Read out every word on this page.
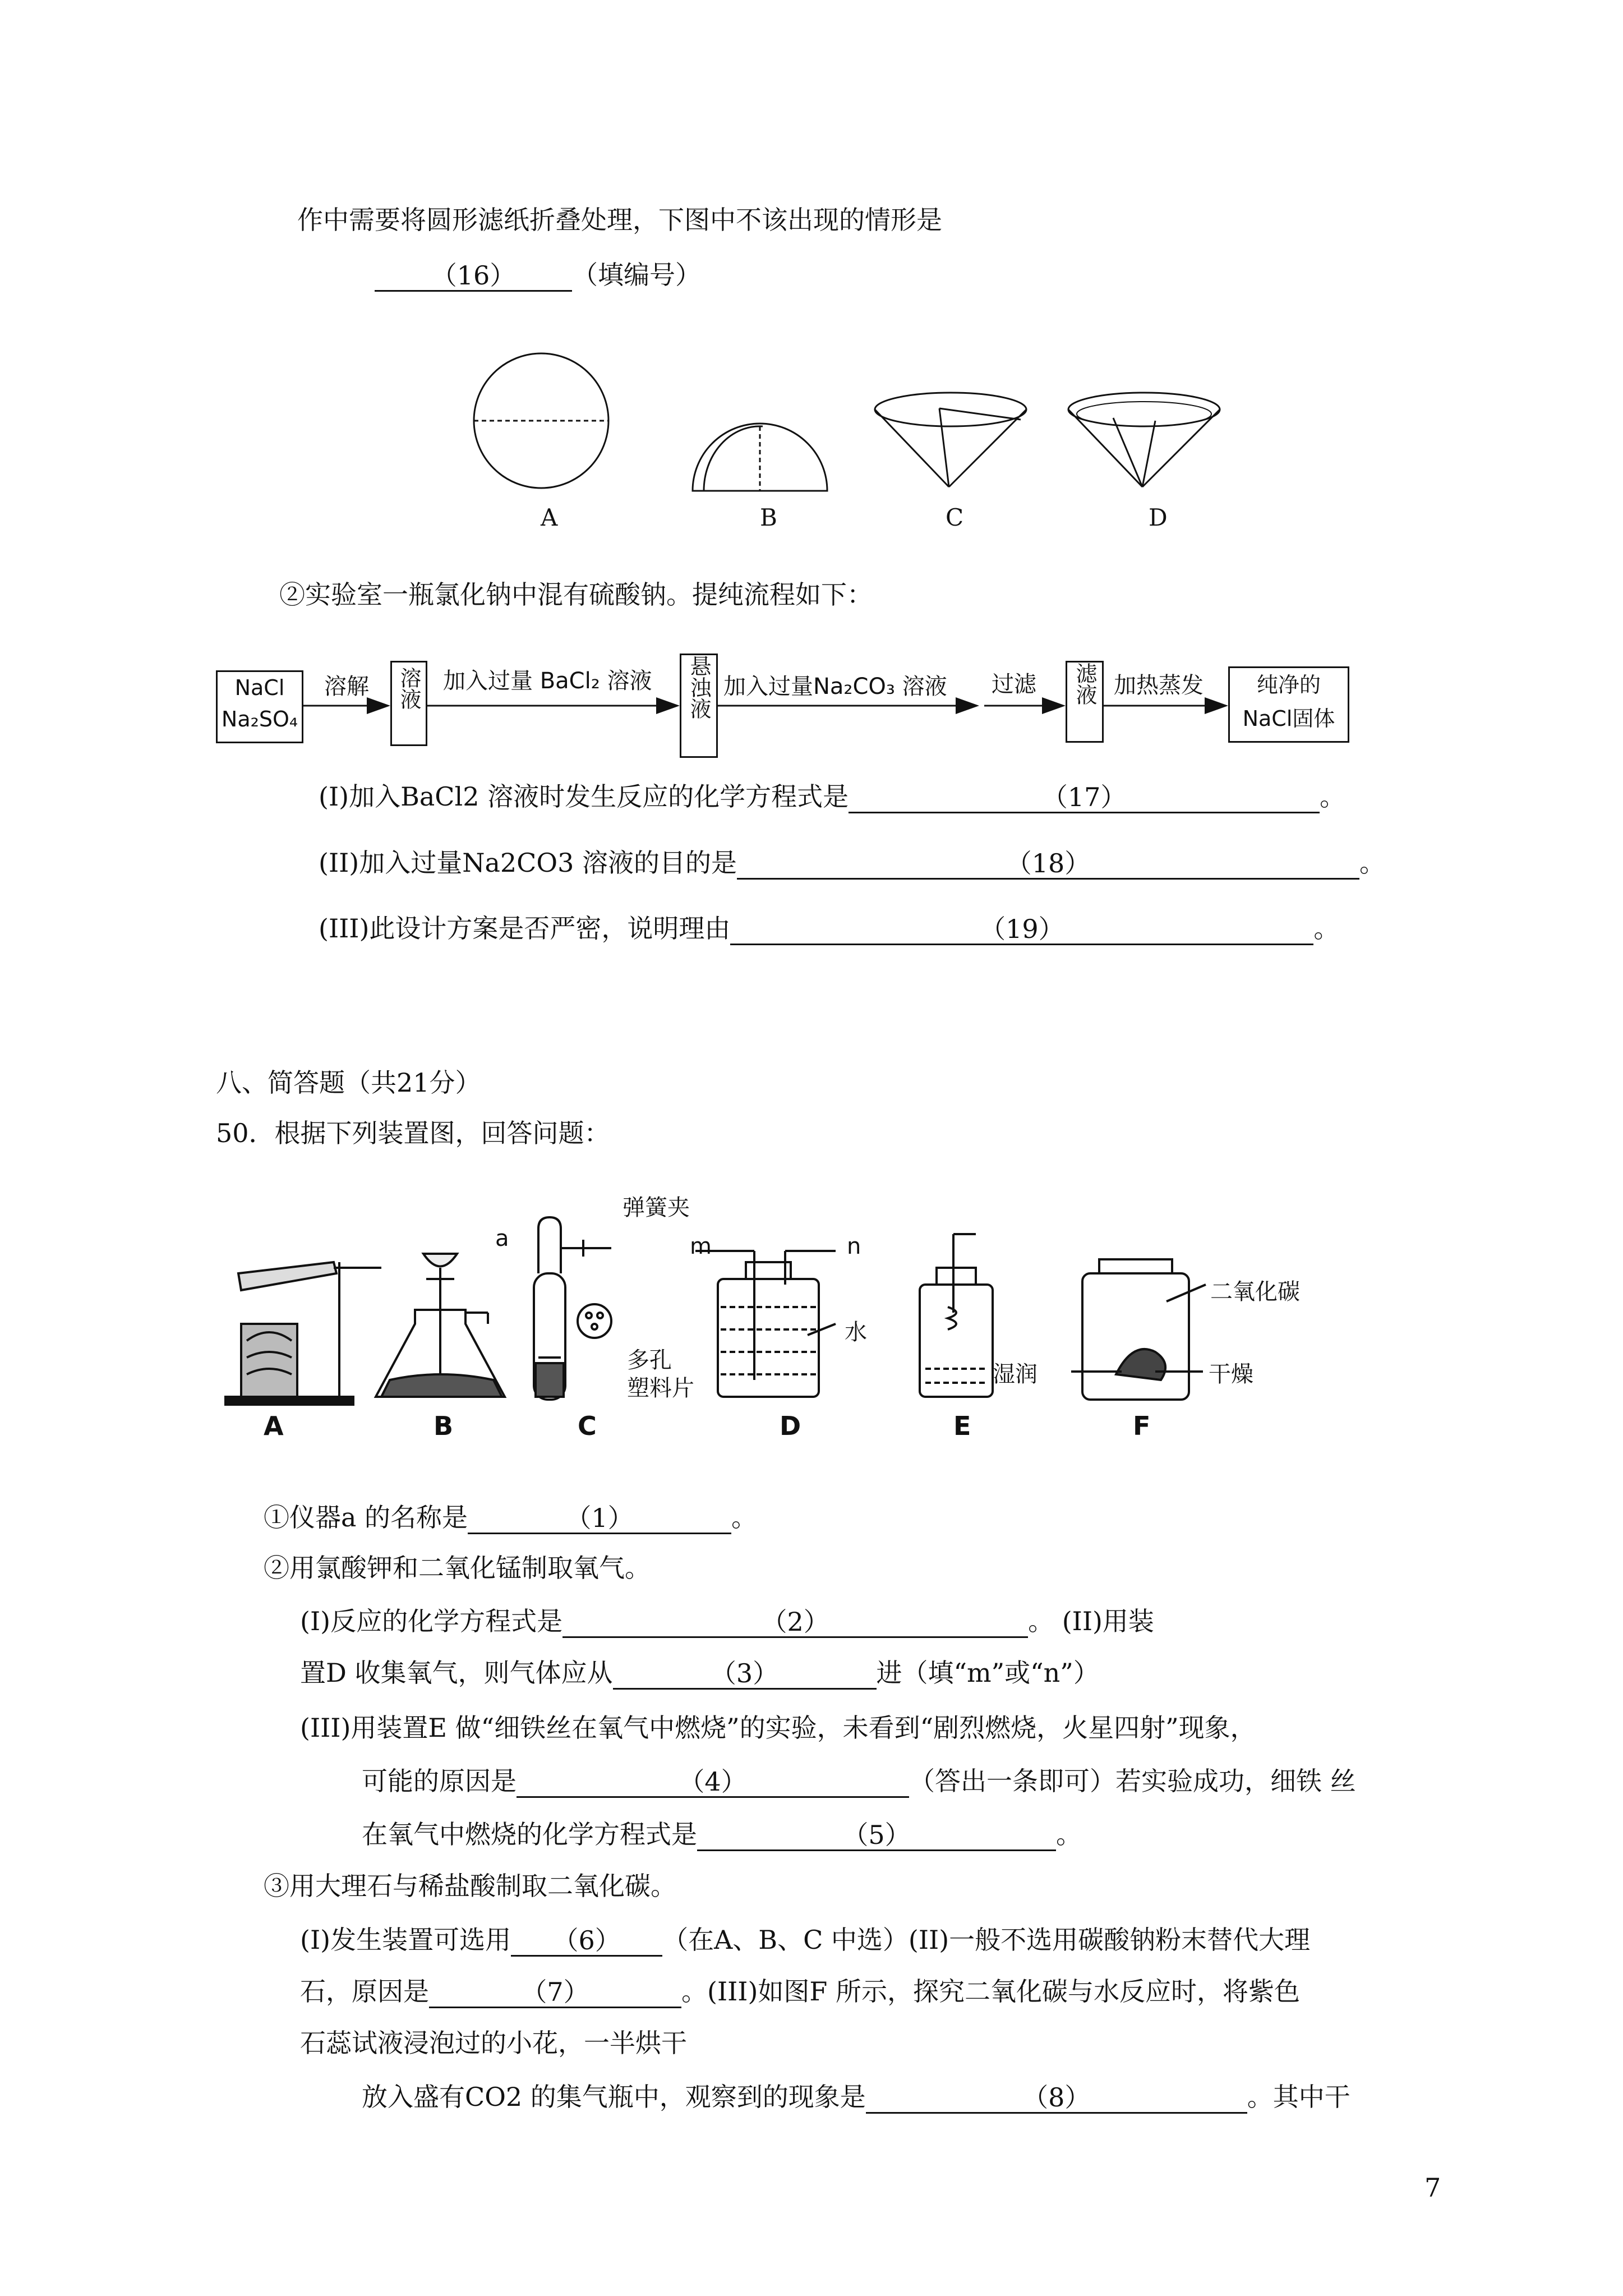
作中需要将圆形滤纸折叠处理，下图中不该出现的情形是
（16） （填编号）
A	B	C	D
②实验室一瓶氯化钠中混有硫酸钠。提纯流程如下：
NaCl
Na₂SO₄
溶解 溶液 加入过量 BaCl₂ 溶液	悬浊液 加入过量Na₂CO₃ 溶液 过滤	滤液 加热蒸发	纯净的
NaCl固体
(I)加入BaCl2 溶液时发生反应的化学方程式是	（17）	。
(II)加入过量Na2CO3 溶液的目的是	（18）	。
(III)此设计方案是否严密，说明理由	（19）	。
八、简答题（共21分）
50．根据下列装置图，回答问题：
a
弹簧夹
m	n
多孔
塑料片
水
二氧化碳
湿润	干燥
A	B	C	D	E	F
①仪器a 的名称是	（1）	。
②用氯酸钾和二氧化锰制取氧气。
(I)反应的化学方程式是	（2）	。 (II)用装
置D 收集氧气，则气体应从	（3）	进（填“m”或“n”）
(III)用装置E 做“细铁丝在氧气中燃烧”的实验，未看到“剧烈燃烧，火星四射”现象，
可能的原因是	（4）	（答出一条即可）若实验成功，细铁 丝
在氧气中燃烧的化学方程式是	（5）	。
③用大理石与稀盐酸制取二氧化碳。
(I)发生装置可选用 （6） （在A、B、C 中选）(II)一般不选用碳酸钠粉末替代大理
石，原因是	（7）	。(III)如图F 所示，探究二氧化碳与水反应时，将紫色
石蕊试液浸泡过的小花，一半烘干
放入盛有CO2 的集气瓶中，观察到的现象是	（8）	。其中干
7
